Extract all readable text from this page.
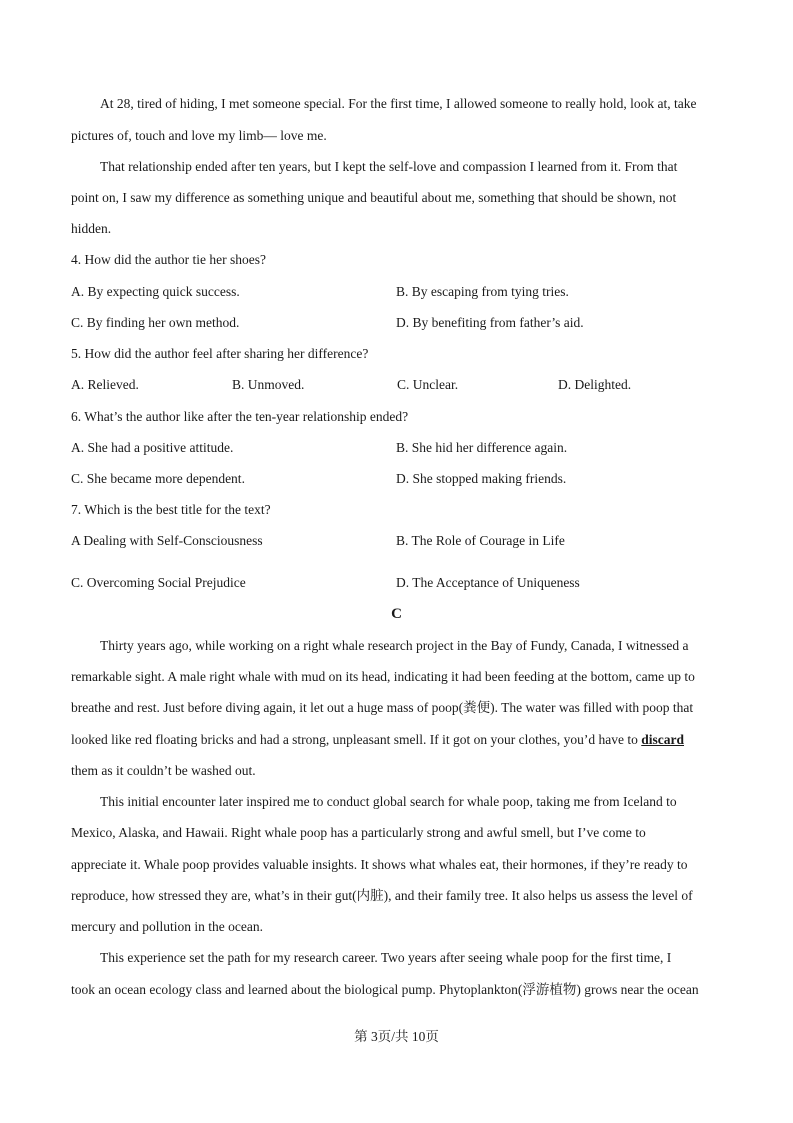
At 28, tired of hiding, I met someone special. For the first time, I allowed someone to really hold, look at, take
pictures of, touch and love my limb— love me.
That relationship ended after ten years, but I kept the self-love and compassion I learned from it. From that
point on, I saw my difference as something unique and beautiful about me, something that should be shown, not
hidden.
4. How did the author tie her shoes?
A. By expecting quick success.	B. By escaping from tying tries.
C. By finding her own method.	D. By benefiting from father’s aid.
5. How did the author feel after sharing her difference?
A. Relieved.	B. Unmoved.	C. Unclear.	D. Delighted.
6. What’s the author like after the ten-year relationship ended?
A. She had a positive attitude.	B. She hid her difference again.
C. She became more dependent.	D. She stopped making friends.
7. Which is the best title for the text?
A Dealing with Self-Consciousness	B. The Role of Courage in Life
C. Overcoming Social Prejudice	D. The Acceptance of Uniqueness
C
Thirty years ago, while working on a right whale research project in the Bay of Fundy, Canada, I witnessed a
remarkable sight. A male right whale with mud on its head, indicating it had been feeding at the bottom, came up to
breathe and rest. Just before diving again, it let out a huge mass of poop(粪便). The water was filled with poop that
looked like red floating bricks and had a strong, unpleasant smell. If it got on your clothes, you’d have to discard
them as it couldn’t be washed out.
This initial encounter later inspired me to conduct global search for whale poop, taking me from Iceland to
Mexico, Alaska, and Hawaii. Right whale poop has a particularly strong and awful smell, but I’ve come to
appreciate it. Whale poop provides valuable insights. It shows what whales eat, their hormones, if they’re ready to
reproduce, how stressed they are, what’s in their gut(内脏), and their family tree. It also helps us assess the level of
mercury and pollution in the ocean.
This experience set the path for my research career. Two years after seeing whale poop for the first time, I
took an ocean ecology class and learned about the biological pump. Phytoplankton(浮游植物) grows near the ocean
第 3页/共 10页
